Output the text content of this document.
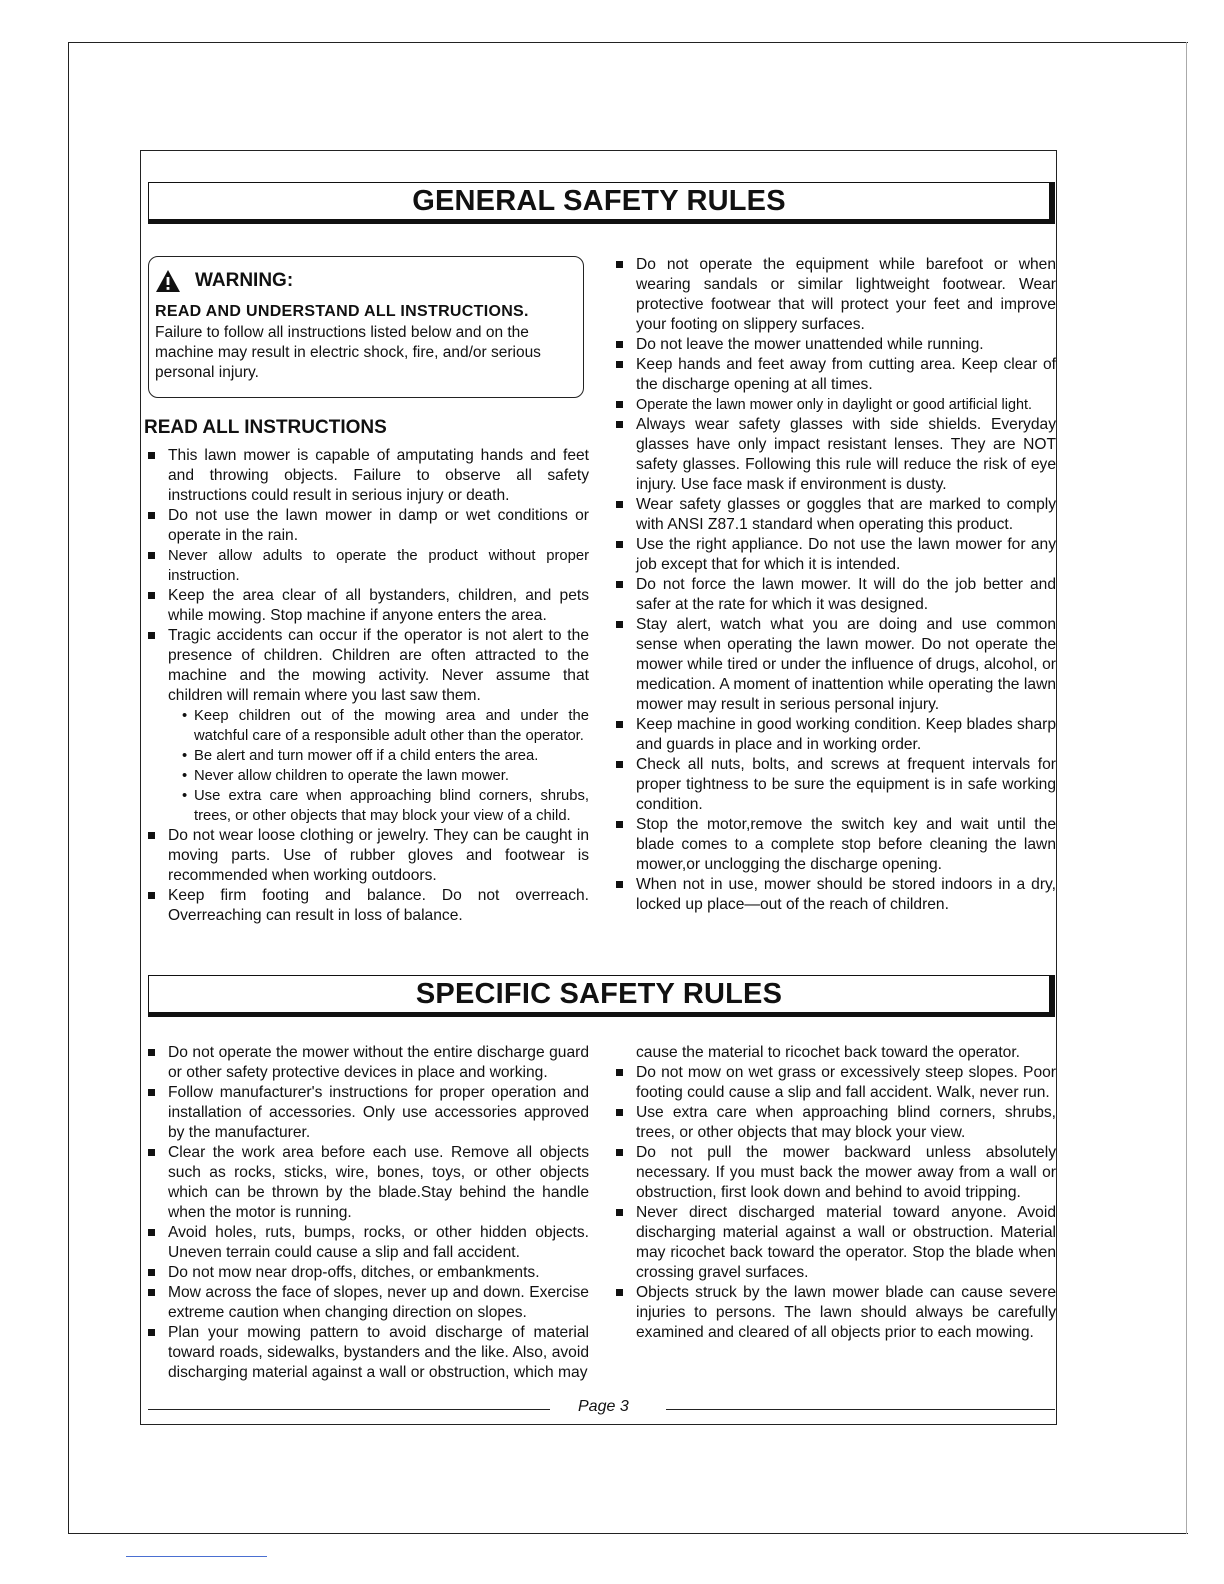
GENERAL SAFETY RULES
WARNING:
READ AND UNDERSTAND ALL INSTRUCTIONS.
Failure to follow all instructions listed below and on the machine may result in electric shock, fire, and/or serious personal injury.
READ ALL INSTRUCTIONS
This lawn mower is capable of amputating hands and feet and throwing objects. Failure to observe all safety instructions could result in serious injury or death.
Do not use the lawn mower in damp or wet conditions or operate in the rain.
Never allow adults to operate the product without proper instruction.
Keep the area clear of all bystanders, children, and pets while mowing. Stop machine if anyone enters the area.
Tragic accidents can occur if the operator is not alert to the presence of children. Children are often attracted to the machine and the mowing activity. Never assume that children will remain where you last saw them.
• Keep children out of the mowing area and under the watchful care of a responsible adult other than the operator.
• Be alert and turn mower off if a child enters the area.
• Never allow children to operate the lawn mower.
• Use extra care when approaching blind corners, shrubs, trees, or other objects that may block your view of a child.
Do not wear loose clothing or jewelry. They can be caught in moving parts. Use of rubber gloves and footwear is recommended when working outdoors.
Keep firm footing and balance. Do not overreach. Overreaching can result in loss of balance.
Do not operate the equipment while barefoot or when wearing sandals or similar lightweight footwear. Wear protective footwear that will protect your feet and improve your footing on slippery surfaces.
Do not leave the mower unattended while running.
Keep hands and feet away from cutting area. Keep clear of the discharge opening at all times.
Operate the lawn mower only in daylight or good artificial light.
Always wear safety glasses with side shields. Everyday glasses have only impact resistant lenses. They are NOT safety glasses. Following this rule will reduce the risk of eye injury. Use face mask if environment is dusty.
Wear safety glasses or goggles that are marked to comply with ANSI Z87.1 standard when operating this product.
Use the right appliance. Do not use the lawn mower for any job except that for which it is intended.
Do not force the lawn mower. It will do the job better and safer at the rate for which it was designed.
Stay alert, watch what you are doing and use common sense when operating the lawn mower. Do not operate the mower while tired or under the influence of drugs, alcohol, or medication. A moment of inattention while operating the lawn mower may result in serious personal injury.
Keep machine in good working condition. Keep blades sharp and guards in place and in working order.
Check all nuts, bolts, and screws at frequent intervals for proper tightness to be sure the equipment is in safe working condition.
Stop the motor,remove the switch key and wait until the blade comes to a complete stop before cleaning the lawn mower,or unclogging the discharge opening.
When not in use, mower should be stored indoors in a dry, locked up place—out of the reach of children.
SPECIFIC SAFETY RULES
Do not operate the mower without the entire discharge guard or other safety protective devices in place and working.
Follow manufacturer's instructions for proper operation and installation of accessories. Only use accessories approved by the manufacturer.
Clear the work area before each use. Remove all objects such as rocks, sticks, wire, bones, toys, or other objects which can be thrown by the blade.Stay behind the handle when the motor is running.
Avoid holes, ruts, bumps, rocks, or other hidden objects. Uneven terrain could cause a slip and fall accident.
Do not mow near drop-offs, ditches, or embankments.
Mow across the face of slopes, never up and down. Exercise extreme caution when changing direction on slopes.
Plan your mowing pattern to avoid discharge of material toward roads, sidewalks, bystanders and the like. Also, avoid discharging material against a wall or obstruction, which may
cause the material to ricochet back toward the operator.
Do not mow on wet grass or excessively steep slopes. Poor footing could cause a slip and fall accident. Walk, never run.
Use extra care when approaching blind corners, shrubs, trees, or other objects that may block your view.
Do not pull the mower backward unless absolutely necessary. If you must back the mower away from a wall or obstruction, first look down and behind to avoid tripping.
Never direct discharged material toward anyone. Avoid discharging material against a wall or obstruction. Material may ricochet back toward the operator. Stop the blade when crossing gravel surfaces.
Objects struck by the lawn mower blade can cause severe injuries to persons. The lawn should always be carefully examined and cleared of all objects prior to each mowing.
Page 3
